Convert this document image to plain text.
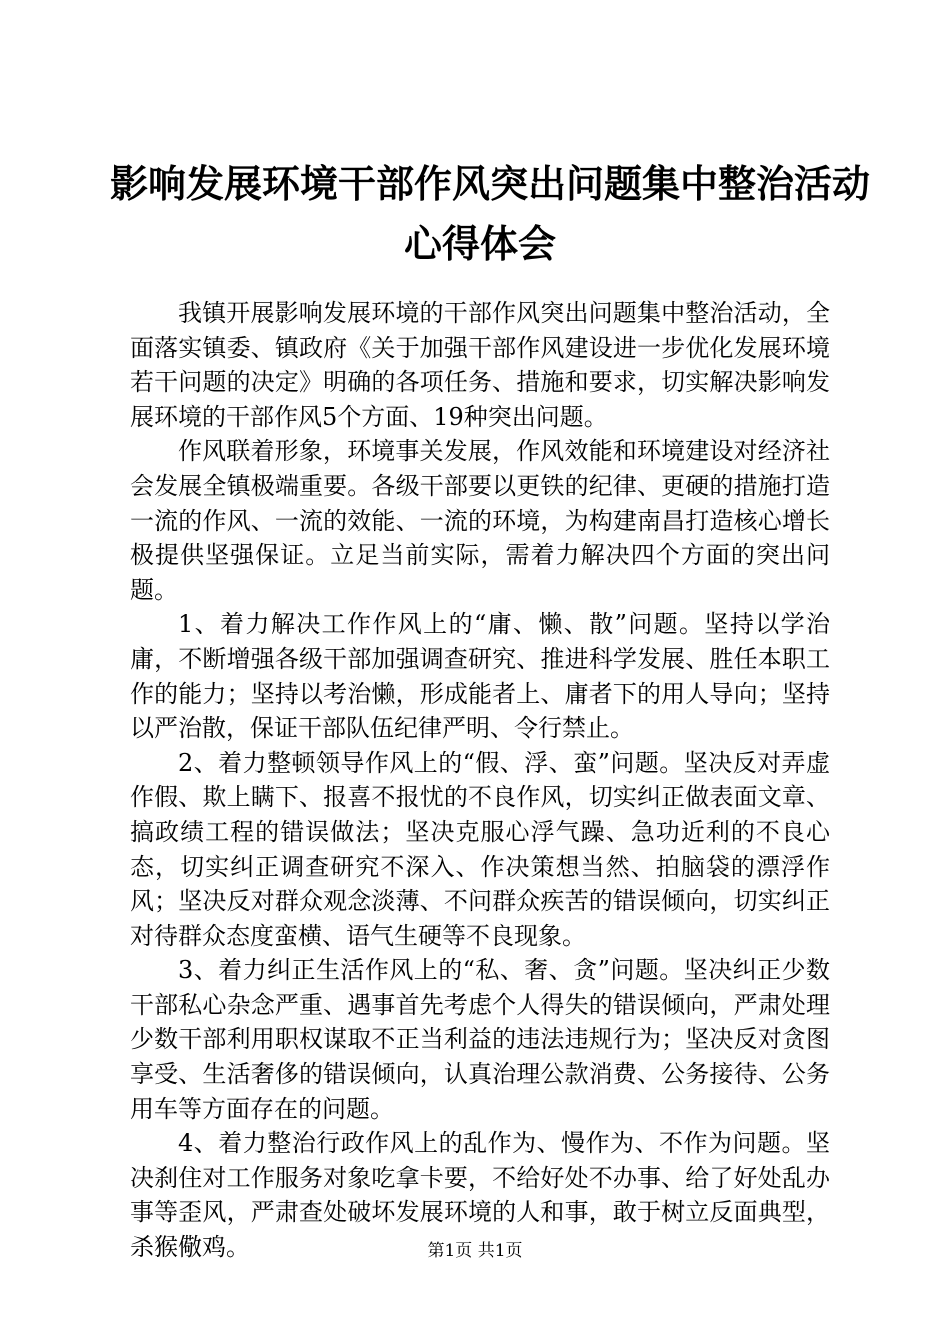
影响发展环境干部作风突出问题集中整治活动
心得体会

我镇开展影响发展环境的干部作风突出问题集中整治活动，全面落实镇委、镇政府《关于加强干部作风建设进一步优化发展环境若干问题的决定》明确的各项任务、措施和要求，切实解决影响发展环境的干部作风5个方面、19种突出问题。

作风联着形象，环境事关发展，作风效能和环境建设对经济社会发展全镇极端重要。各级干部要以更铁的纪律、更硬的措施打造一流的作风、一流的效能、一流的环境，为构建南昌打造核心增长极提供坚强保证。立足当前实际，需着力解决四个方面的突出问题。

1、着力解决工作作风上的“庸、懒、散”问题。坚持以学治庸，不断增强各级干部加强调查研究、推进科学发展、胜任本职工作的能力；坚持以考治懒，形成能者上、庸者下的用人导向；坚持以严治散，保证干部队伍纪律严明、令行禁止。

2、着力整顿领导作风上的“假、浮、蛮”问题。坚决反对弄虚作假、欺上瞒下、报喜不报忧的不良作风，切实纠正做表面文章、搞政绩工程的错误做法；坚决克服心浮气躁、急功近利的不良心态，切实纠正调查研究不深入、作决策想当然、拍脑袋的漂浮作风；坚决反对群众观念淡薄、不问群众疾苦的错误倾向，切实纠正对待群众态度蛮横、语气生硬等不良现象。

3、着力纠正生活作风上的“私、奢、贪”问题。坚决纠正少数干部私心杂念严重、遇事首先考虑个人得失的错误倾向，严肃处理少数干部利用职权谋取不正当利益的违法违规行为；坚决反对贪图享受、生活奢侈的错误倾向，认真治理公款消费、公务接待、公务用车等方面存在的问题。

4、着力整治行政作风上的乱作为、慢作为、不作为问题。坚决刹住对工作服务对象吃拿卡要，不给好处不办事、给了好处乱办事等歪风，严肃查处破坏发展环境的人和事，敢于树立反面典型，杀猴儆鸡。	第1页 共1页
